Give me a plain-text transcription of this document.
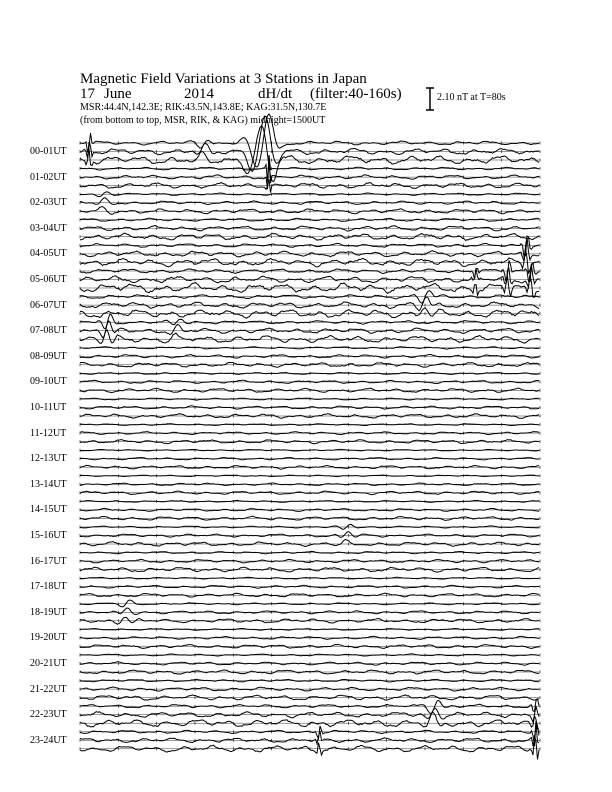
Magnetic Field Variations at 3 Stations in Japan
17 June	2014	dH/dt (filter:40-160s)
MSR:44.4N,142.3E; RIK:43.5N,143.8E; KAG:31.5N,130.7E
(from bottom to top, MSR, RIK, & KAG) midnight=1500UT
2.10 nT at T=80s
00-01UT
01-02UT
02-03UT
03-04UT
04-05UT
05-06UT
06-07UT
07-08UT
08-09UT
09-10UT
10-11UT
11-12UT
12-13UT
13-14UT
14-15UT
15-16UT
16-17UT
17-18UT
18-19UT
19-20UT
20-21UT
21-22UT
22-23UT
23-24UT
